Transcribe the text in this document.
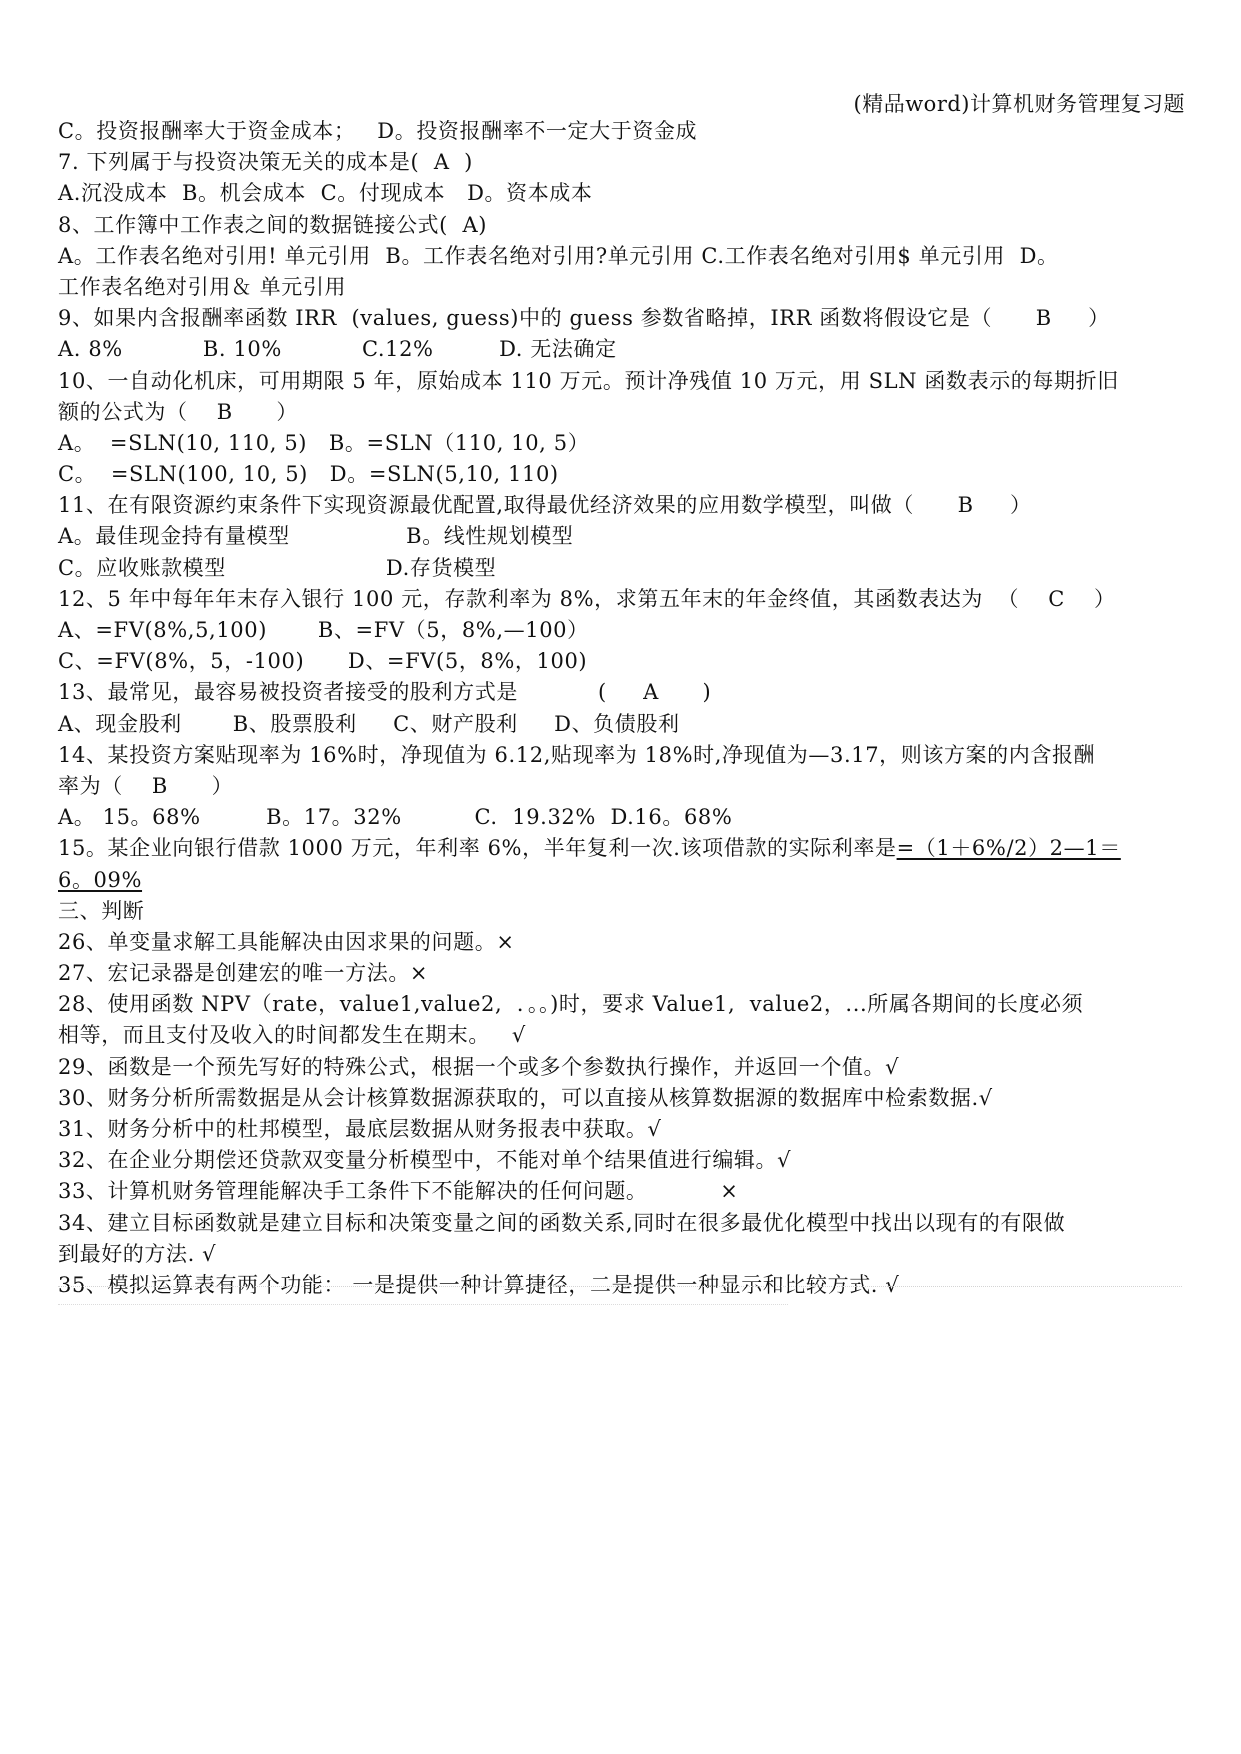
(精品word)计算机财务管理复习题
C。投资报酬率大于资金成本；   D。投资报酬率不一定大于资金成
7. 下列属于与投资决策无关的成本是(  A  )
A.沉没成本  B。机会成本  C。付现成本   D。资本成本
8、工作簿中工作表之间的数据链接公式(  A)
A。工作表名绝对引用! 单元引用  B。工作表名绝对引用?单元引用 C.工作表名绝对引用$ 单元引用  D。
工作表名绝对引用＆ 单元引用
9、如果内含报酬率函数 IRR  (values, guess)中的 guess 参数省略掉，IRR 函数将假设它是（      B     ）
A. 8%           B. 10%           C.12%         D. 无法确定
10、一自动化机床，可用期限 5 年，原始成本 110 万元。预计净残值 10 万元，用 SLN 函数表示的每期折旧
额的公式为（    B      ）
A。  =SLN(10, 110, 5)   B。=SLN（110, 10, 5）
C。  =SLN(100, 10, 5)   D。=SLN(5,10, 110)
11、在有限资源约束条件下实现资源最优配置,取得最优经济效果的应用数学模型，叫做（      B     ）
A。最佳现金持有量模型                B。线性规划模型
C。应收账款模型                      D.存货模型
12、5 年中每年年末存入银行 100 元，存款利率为 8%，求第五年末的年金终值，其函数表达为  （    C    ）
A、=FV(8%,5,100)       B、=FV（5，8%,—100）
C、=FV(8%，5，-100)      D、=FV(5，8%，100)
13、最常见，最容易被投资者接受的股利方式是           (     A      )
A、现金股利       B、股票股利     C、财产股利     D、负债股利
14、某投资方案贴现率为 16%时，净现值为 6.12,贴现率为 18%时,净现值为—3.17，则该方案的内含报酬
率为（    B      ）
A。 15。68%         B。17。32%          C.  19.32%  D.16。68%
15。某企业向银行借款 1000 万元，年利率 6%，半年复利一次.该项借款的实际利率是=（1＋6%/2）2—1＝
6。09%
三、判断
26、单变量求解工具能解决由因求果的问题。×
27、宏记录器是创建宏的唯一方法。×
28、使用函数 NPV（rate，value1,value2,  ．。。)时，要求 Value1,  value2，...所属各期间的长度必须
相等，而且支付及收入的时间都发生在期末。   √
29、函数是一个预先写好的特殊公式，根据一个或多个参数执行操作，并返回一个值。√
30、财务分析所需数据是从会计核算数据源获取的，可以直接从核算数据源的数据库中检索数据.√
31、财务分析中的杜邦模型，最底层数据从财务报表中获取。√
32、在企业分期偿还贷款双变量分析模型中，不能对单个结果值进行编辑。√
33、计算机财务管理能解决手工条件下不能解决的任何问题。          ×
34、建立目标函数就是建立目标和决策变量之间的函数关系,同时在很多最优化模型中找出以现有的有限做
到最好的方法. √
35、模拟运算表有两个功能： 一是提供一种计算捷径，二是提供一种显示和比较方式. √
